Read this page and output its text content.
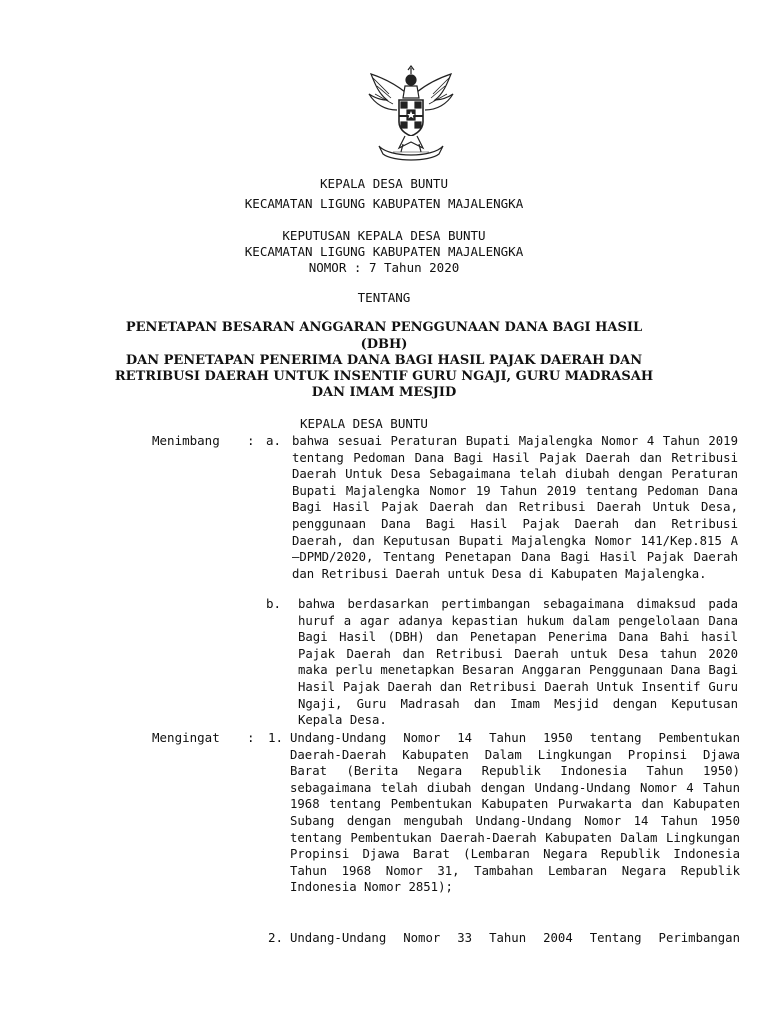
KEPALA DESA BUNTU
KECAMATAN LIGUNG KABUPATEN MAJALENGKA
KEPUTUSAN KEPALA DESA BUNTU
KECAMATAN LIGUNG KABUPATEN MAJALENGKA
NOMOR : 7 Tahun 2020
TENTANG
PENETAPAN BESARAN ANGGARAN PENGGUNAAN DANA BAGI HASIL
(DBH)
DAN PENETAPAN PENERIMA DANA BAGI HASIL PAJAK DAERAH DAN
RETRIBUSI DAERAH UNTUK INSENTIF GURU NGAJI, GURU MADRASAH
DAN IMAM MESJID
KEPALA DESA BUNTU
Menimbang	: a. bahwa sesuai Peraturan Bupati Majalengka Nomor 4 Tahun 2019 tentang Pedoman Dana Bagi Hasil Pajak Daerah dan Retribusi Daerah Untuk Desa Sebagaimana telah diubah dengan Peraturan Bupati Majalengka Nomor 19 Tahun 2019 tentang Pedoman Dana Bagi Hasil Pajak Daerah dan Retribusi Daerah Untuk Desa, penggunaan Dana Bagi Hasil Pajak Daerah dan Retribusi Daerah, dan Keputusan Bupati Majalengka Nomor 141/Kep.815 A –DPMD/2020, Tentang Penetapan Dana Bagi Hasil Pajak Daerah dan Retribusi Daerah untuk Desa di Kabupaten Majalengka.
b. bahwa berdasarkan pertimbangan sebagaimana dimaksud pada huruf a agar adanya kepastian hukum dalam pengelolaan Dana Bagi Hasil (DBH) dan Penetapan Penerima Dana Bahi hasil Pajak Daerah dan Retribusi Daerah untuk Desa tahun 2020 maka perlu menetapkan Besaran Anggaran Penggunaan Dana Bagi Hasil Pajak Daerah dan Retribusi Daerah Untuk Insentif Guru Ngaji, Guru Madrasah dan Imam Mesjid dengan Keputusan Kepala Desa.
Mengingat	: 1. Undang-Undang Nomor 14 Tahun 1950 tentang Pembentukan Daerah-Daerah Kabupaten Dalam Lingkungan Propinsi Djawa Barat (Berita Negara Republik Indonesia Tahun 1950) sebagaimana telah diubah dengan Undang-Undang Nomor 4 Tahun 1968 tentang Pembentukan Kabupaten Purwakarta dan Kabupaten Subang dengan mengubah Undang-Undang Nomor 14 Tahun 1950 tentang Pembentukan Daerah-Daerah Kabupaten Dalam Lingkungan Propinsi Djawa Barat (Lembaran Negara Republik Indonesia Tahun 1968 Nomor 31, Tambahan Lembaran Negara Republik Indonesia Nomor 2851);
2. Undang-Undang Nomor 33 Tahun 2004 Tentang Perimbangan
